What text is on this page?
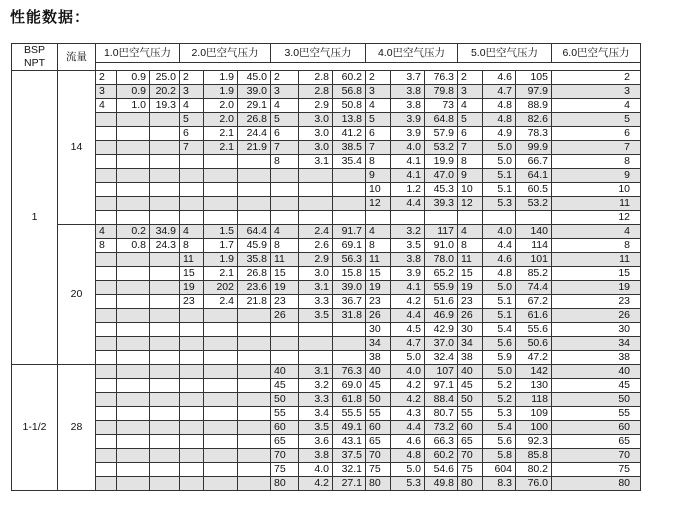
性能数据：
BSP
NPT	流量	1.0巴空气压力			2.0巴空气压力			3.0巴空气压力			4.0巴空气压力			5.0巴空气压力			6.0巴空气压力

1	14	2	0.9	25.0	2	1.9	45.0	2	2.8	60.2	2	3.7	76.3	2	4.6	105	2
		3	0.9	20.2	3	1.9	39.0	3	2.8	56.8	3	3.8	79.8	3	4.7	97.9	3
		4	1.0	19.3	4	2.0	29.1	4	2.9	50.8	4	3.8	73	4	4.8	88.9	4
					5	2.0	26.8	5	3.0	13.8	5	3.9	64.8	5	4.8	82.6	5
					6	2.1	24.4	6	3.0	41.2	6	3.9	57.9	6	4.9	78.3	6
					7	2.1	21.9	7	3.0	38.5	7	4.0	53.2	7	5.0	99.9	7
								8	3.1	35.4	8	4.1	19.9	8	5.0	66.7	8
											9	4.1	47.0	9	5.1	64.1	9
											10	1.2	45.3	10	5.1	60.5	10
											12	4.4	39.3	12	5.3	53.2	11
																	12
	20	4	0.2	34.9	4	1.5	64.4	4	2.4	91.7	4	3.2	117	4	4.0	140	4
		8	0.8	24.3	8	1.7	45.9	8	2.6	69.1	8	3.5	91.0	8	4.4	114	8
					11	1.9	35.8	11	2.9	56.3	11	3.8	78.0	11	4.6	101	11
					15	2.1	26.8	15	3.0	15.8	15	3.9	65.2	15	4.8	85.2	15
					19	202	23.6	19	3.1	39.0	19	4.1	55.9	19	5.0	74.4	19
					23	2.4	21.8	23	3.3	36.7	23	4.2	51.6	23	5.1	67.2	23
								26	3.5	31.8	26	4.4	46.9	26	5.1	61.6	26
											30	4.5	42.9	30	5.4	55.6	30
											34	4.7	37.0	34	5.6	50.6	34
											38	5.0	32.4	38	5.9	47.2	38
1-1/2	28							40	3.1	76.3	40	4.0	107	40	5.0	142	40
								45	3.2	69.0	45	4.2	97.1	45	5.2	130	45
								50	3.3	61.8	50	4.2	88.4	50	5.2	118	50
								55	3.4	55.5	55	4.3	80.7	55	5.3	109	55
								60	3.5	49.1	60	4.4	73.2	60	5.4	100	60
								65	3.6	43.1	65	4.6	66.3	65	5.6	92.3	65
								70	3.8	37.5	70	4.8	60.2	70	5.8	85.8	70
								75	4.0	32.1	75	5.0	54.6	75	604	80.2	75
								80	4.2	27.1	80	5.3	49.8	80	8.3	76.0	80
